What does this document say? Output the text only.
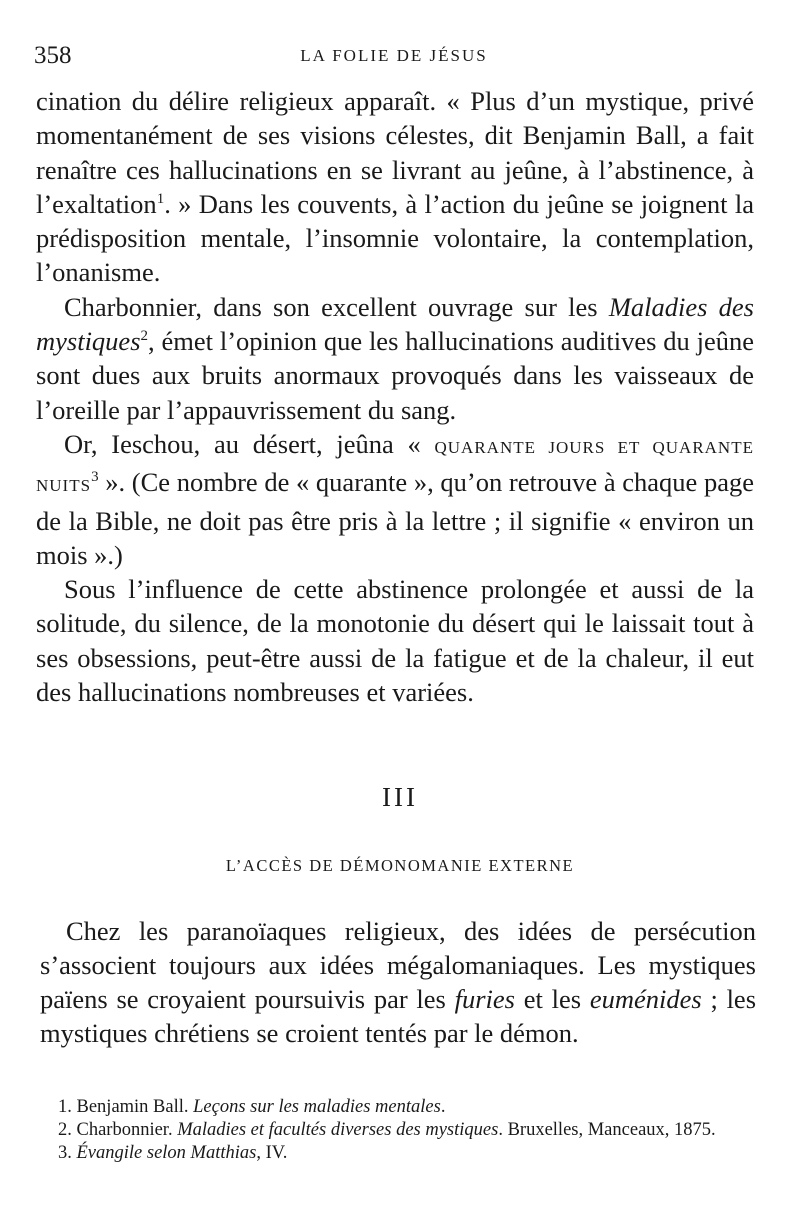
358	LA FOLIE DE JÉSUS

cination du délire religieux apparaît. « Plus d’un mystique, privé momentanément de ses visions célestes, dit Benjamin Ball, a fait renaître ces hallucinations en se livrant au jeûne, à l’abstinence, à l’exaltation$^1$. » Dans les couvents, à l’action du jeûne se joignent la prédisposition mentale, l’insomnie volontaire, la contemplation, l’onanisme.

Charbonnier, dans son excellent ouvrage sur les Maladies des mystiques$^2$, émet l’opinion que les hallucinations auditives du jeûne sont dues aux bruits anormaux provoqués dans les vaisseaux de l’oreille par l’appauvrissement du sang.

Or, Ieschou, au désert, jeûna « QUARANTE JOURS ET QUARANTE NUITS$^3$ ». (Ce nombre de « quarante », qu’on retrouve à chaque page de la Bible, ne doit pas être pris à la lettre ; il signifie « environ un mois ».)

Sous l’influence de cette abstinence prolongée et aussi de la solitude, du silence, de la monotonie du désert qui le laissait tout à ses obsessions, peut-être aussi de la fatigue et de la chaleur, il eut des hallucinations nombreuses et variées.

III
L’ACCÈS DE DÉMONOMANIE EXTERNE

Chez les paranoïaques religieux, des idées de persécution s’associent toujours aux idées mégalomaniaques. Les mystiques païens se croyaient poursuivis par les furies et les euménides ; les mystiques chrétiens se croient tentés par le démon.

1. Benjamin Ball. Leçons sur les maladies mentales.

2. Charbonnier. Maladies et facultés diverses des mystiques. Bruxelles, Manceaux, 1875.

3. Évangile selon Matthias, IV.
